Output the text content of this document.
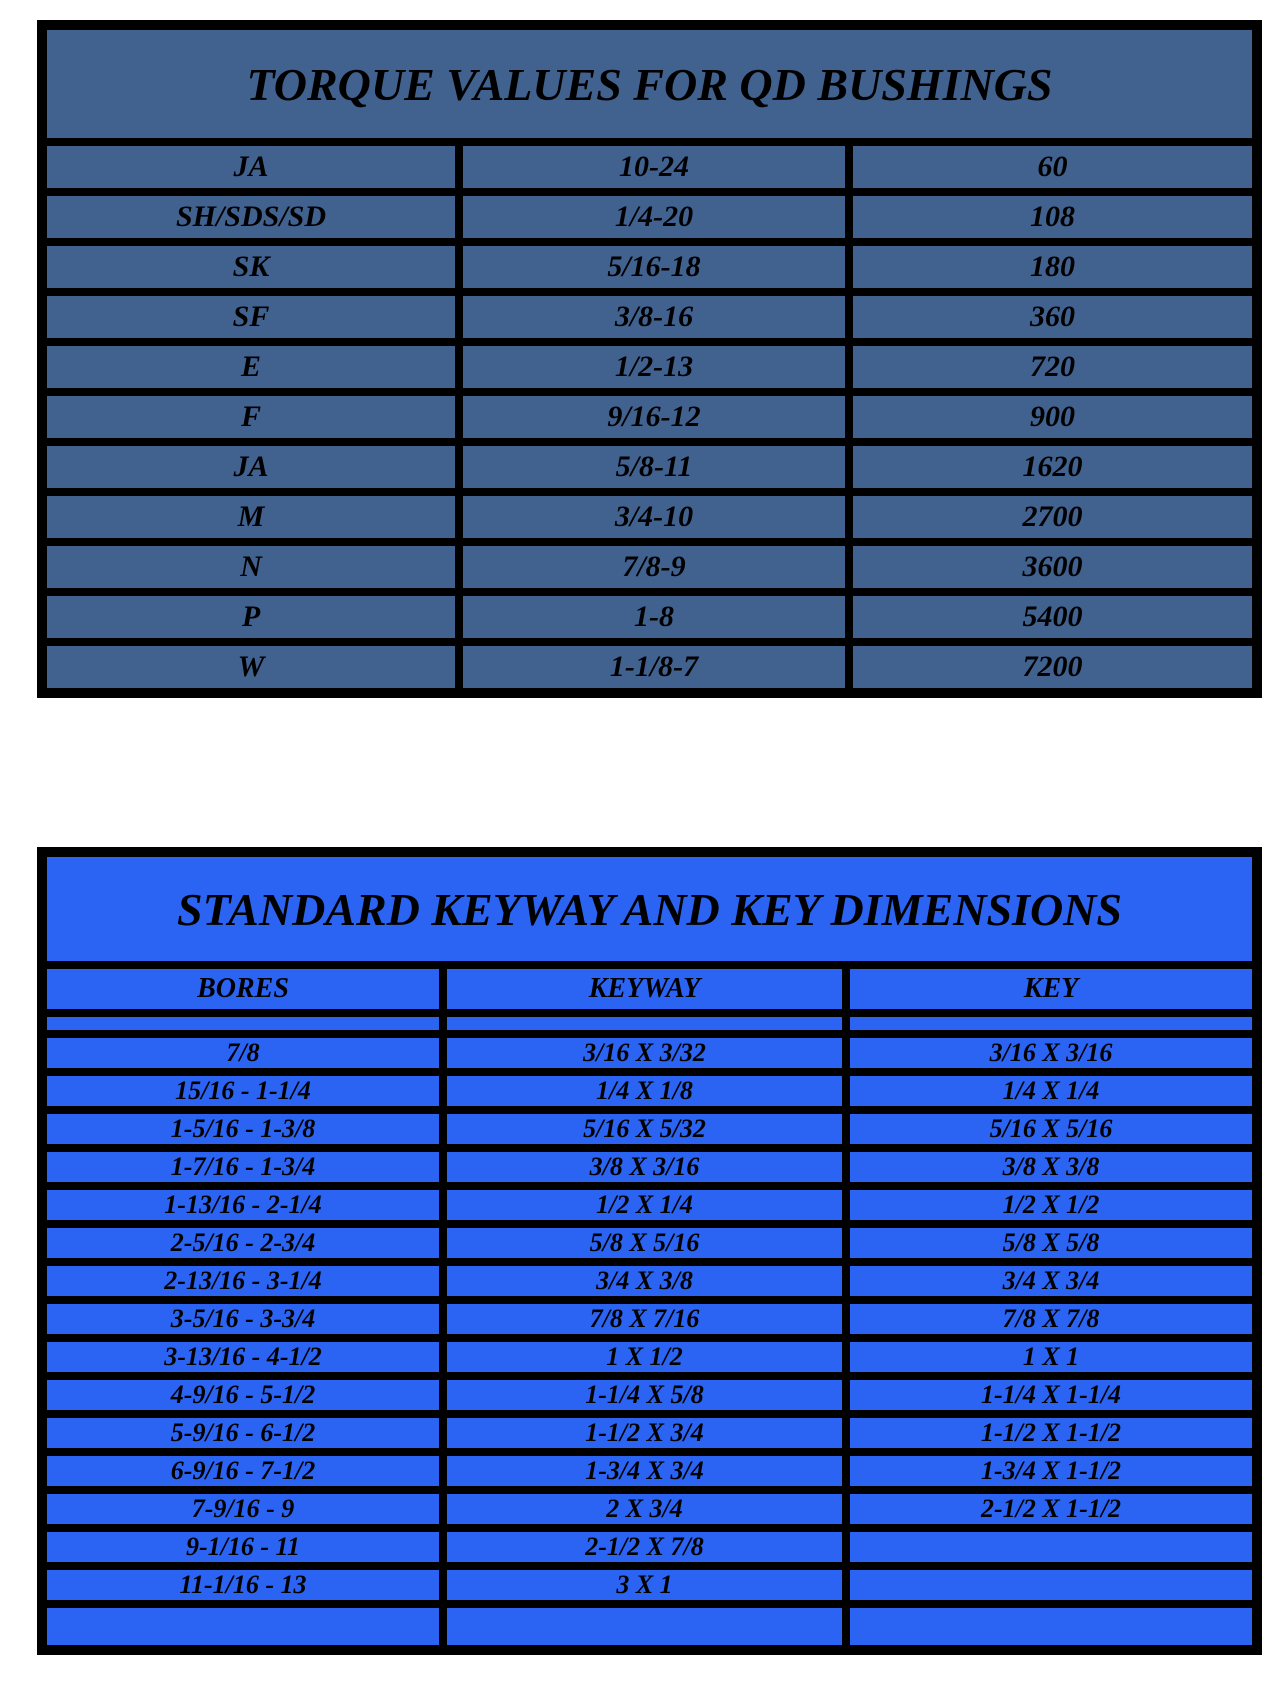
TORQUE VALUES FOR QD BUSHINGS		
JA	10-24	60
SH/SDS/SD	1/4-20	108
SK	5/16-18	180
SF	3/8-16	360
E	1/2-13	720
F	9/16-12	900
JA	5/8-11	1620
M	3/4-10	2700
N	7/8-9	3600
P	1-8	5400
W	1-1/8-7	7200
STANDARD KEYWAY AND KEY DIMENSIONS		
BORES	KEYWAY	KEY

7/8	3/16 X 3/32	3/16 X 3/16
15/16 - 1-1/4	1/4 X 1/8	1/4 X 1/4
1-5/16 - 1-3/8	5/16 X 5/32	5/16 X 5/16
1-7/16 - 1-3/4	3/8 X 3/16	3/8 X 3/8
1-13/16 - 2-1/4	1/2 X 1/4	1/2 X 1/2
2-5/16 - 2-3/4	5/8 X 5/16	5/8 X 5/8
2-13/16 - 3-1/4	3/4 X 3/8	3/4 X 3/4
3-5/16 - 3-3/4	7/8 X 7/16	7/8 X 7/8
3-13/16 - 4-1/2	1 X 1/2	1 X 1
4-9/16 - 5-1/2	1-1/4 X 5/8	1-1/4 X 1-1/4
5-9/16 - 6-1/2	1-1/2 X 3/4	1-1/2 X 1-1/2
6-9/16 - 7-1/2	1-3/4 X 3/4	1-3/4 X 1-1/2
7-9/16 - 9	2 X 3/4	2-1/2 X 1-1/2
9-1/16 - 11	2-1/2 X 7/8	
11-1/16 - 13	3 X 1	
